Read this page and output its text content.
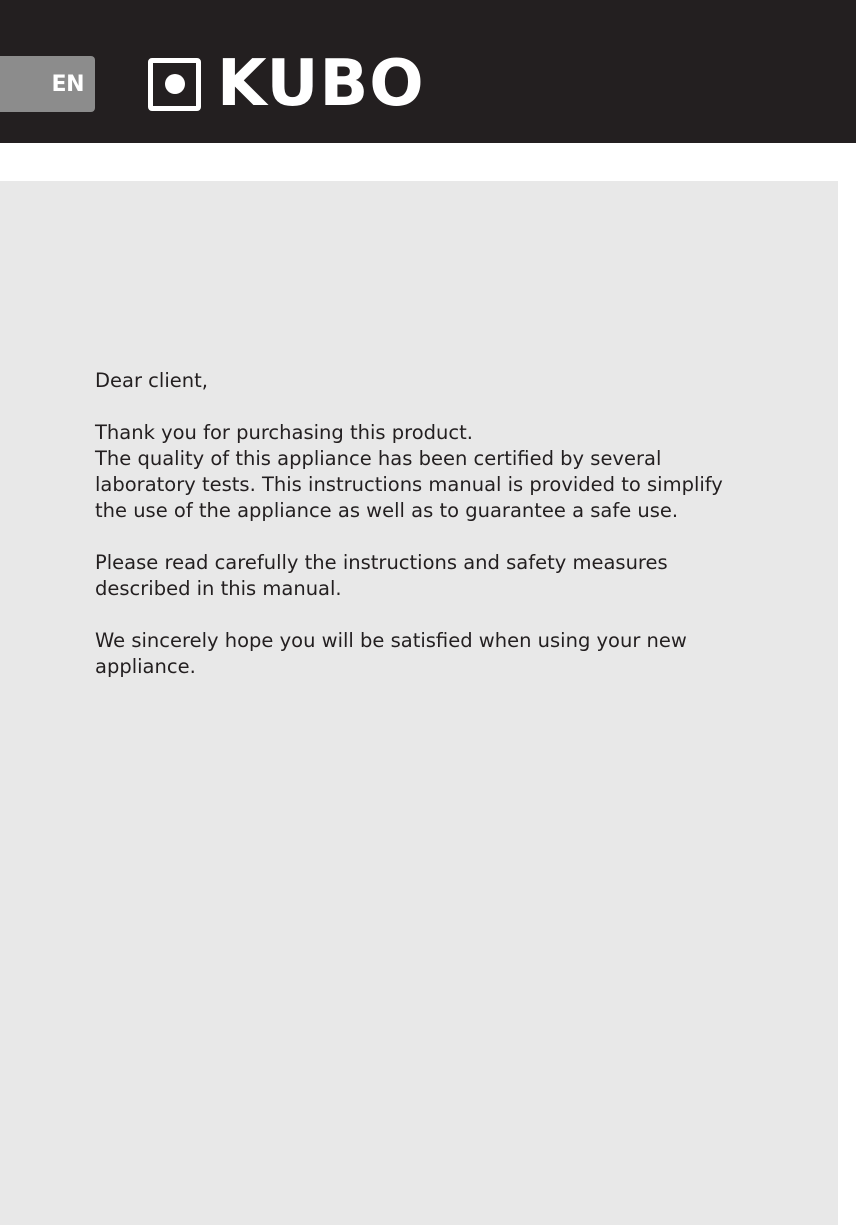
EN KUBO

Dear client,

Thank you for purchasing this product.
The quality of this appliance has been certified by several
laboratory tests. This instructions manual is provided to simplify
the use of the appliance as well as to guarantee a safe use.

Please read carefully the instructions and safety measures
described in this manual.

We sincerely hope you will be satisfied when using your new
appliance.
